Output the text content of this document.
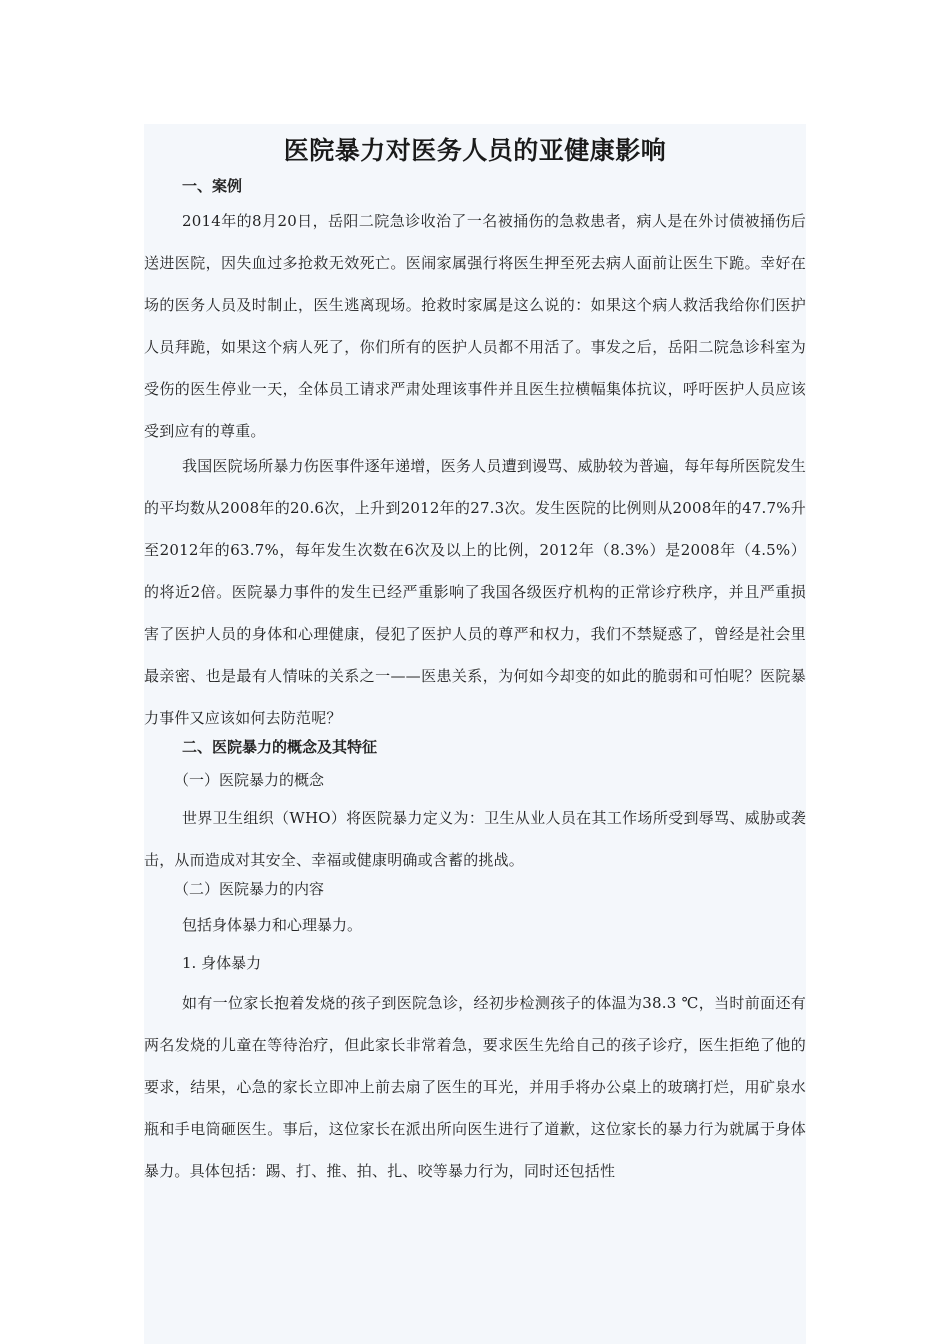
医院暴力对医务人员的亚健康影响
一、案例

2014年的8月20日，岳阳二院急诊收治了一名被捅伤的急救患者，病人是在外讨债被捅伤后送进医院，因失血过多抢救无效死亡。医闹家属强行将医生押至死去病人面前让医生下跪。幸好在场的医务人员及时制止，医生逃离现场。抢救时家属是这么说的：如果这个病人救活我给你们医护人员拜跪，如果这个病人死了，你们所有的医护人员都不用活了。事发之后，岳阳二院急诊科室为受伤的医生停业一天，全体员工请求严肃处理该事件并且医生拉横幅集体抗议，呼吁医护人员应该受到应有的尊重。

我国医院场所暴力伤医事件逐年递增，医务人员遭到谩骂、威胁较为普遍，每年每所医院发生的平均数从2008年的20.6次，上升到2012年的27.3次。发生医院的比例则从2008年的47.7%升至2012年的63.7%，每年发生次数在6次及以上的比例，2012年（8.3%）是2008年（4.5%）的将近2倍。医院暴力事件的发生已经严重影响了我国各级医疗机构的正常诊疗秩序，并且严重损害了医护人员的身体和心理健康，侵犯了医护人员的尊严和权力，我们不禁疑惑了，曾经是社会里最亲密、也是最有人情味的关系之一——医患关系，为何如今却变的如此的脆弱和可怕呢？医院暴力事件又应该如何去防范呢？

二、医院暴力的概念及其特征
（一）医院暴力的概念

世界卫生组织（WHO）将医院暴力定义为：卫生从业人员在其工作场所受到辱骂、威胁或袭击，从而造成对其安全、幸福或健康明确或含蓄的挑战。

（二）医院暴力的内容
包括身体暴力和心理暴力。
1. 身体暴力

如有一位家长抱着发烧的孩子到医院急诊，经初步检测孩子的体温为38.3 ℃，当时前面还有两名发烧的儿童在等待治疗，但此家长非常着急，要求医生先给自己的孩子诊疗，医生拒绝了他的要求，结果，心急的家长立即冲上前去扇了医生的耳光，并用手将办公桌上的玻璃打烂，用矿泉水瓶和手电筒砸医生。事后，这位家长在派出所向医生进行了道歉，这位家长的暴力行为就属于身体暴力。具体包括：踢、打、推、拍、扎、咬等暴力行为，同时还包括性
